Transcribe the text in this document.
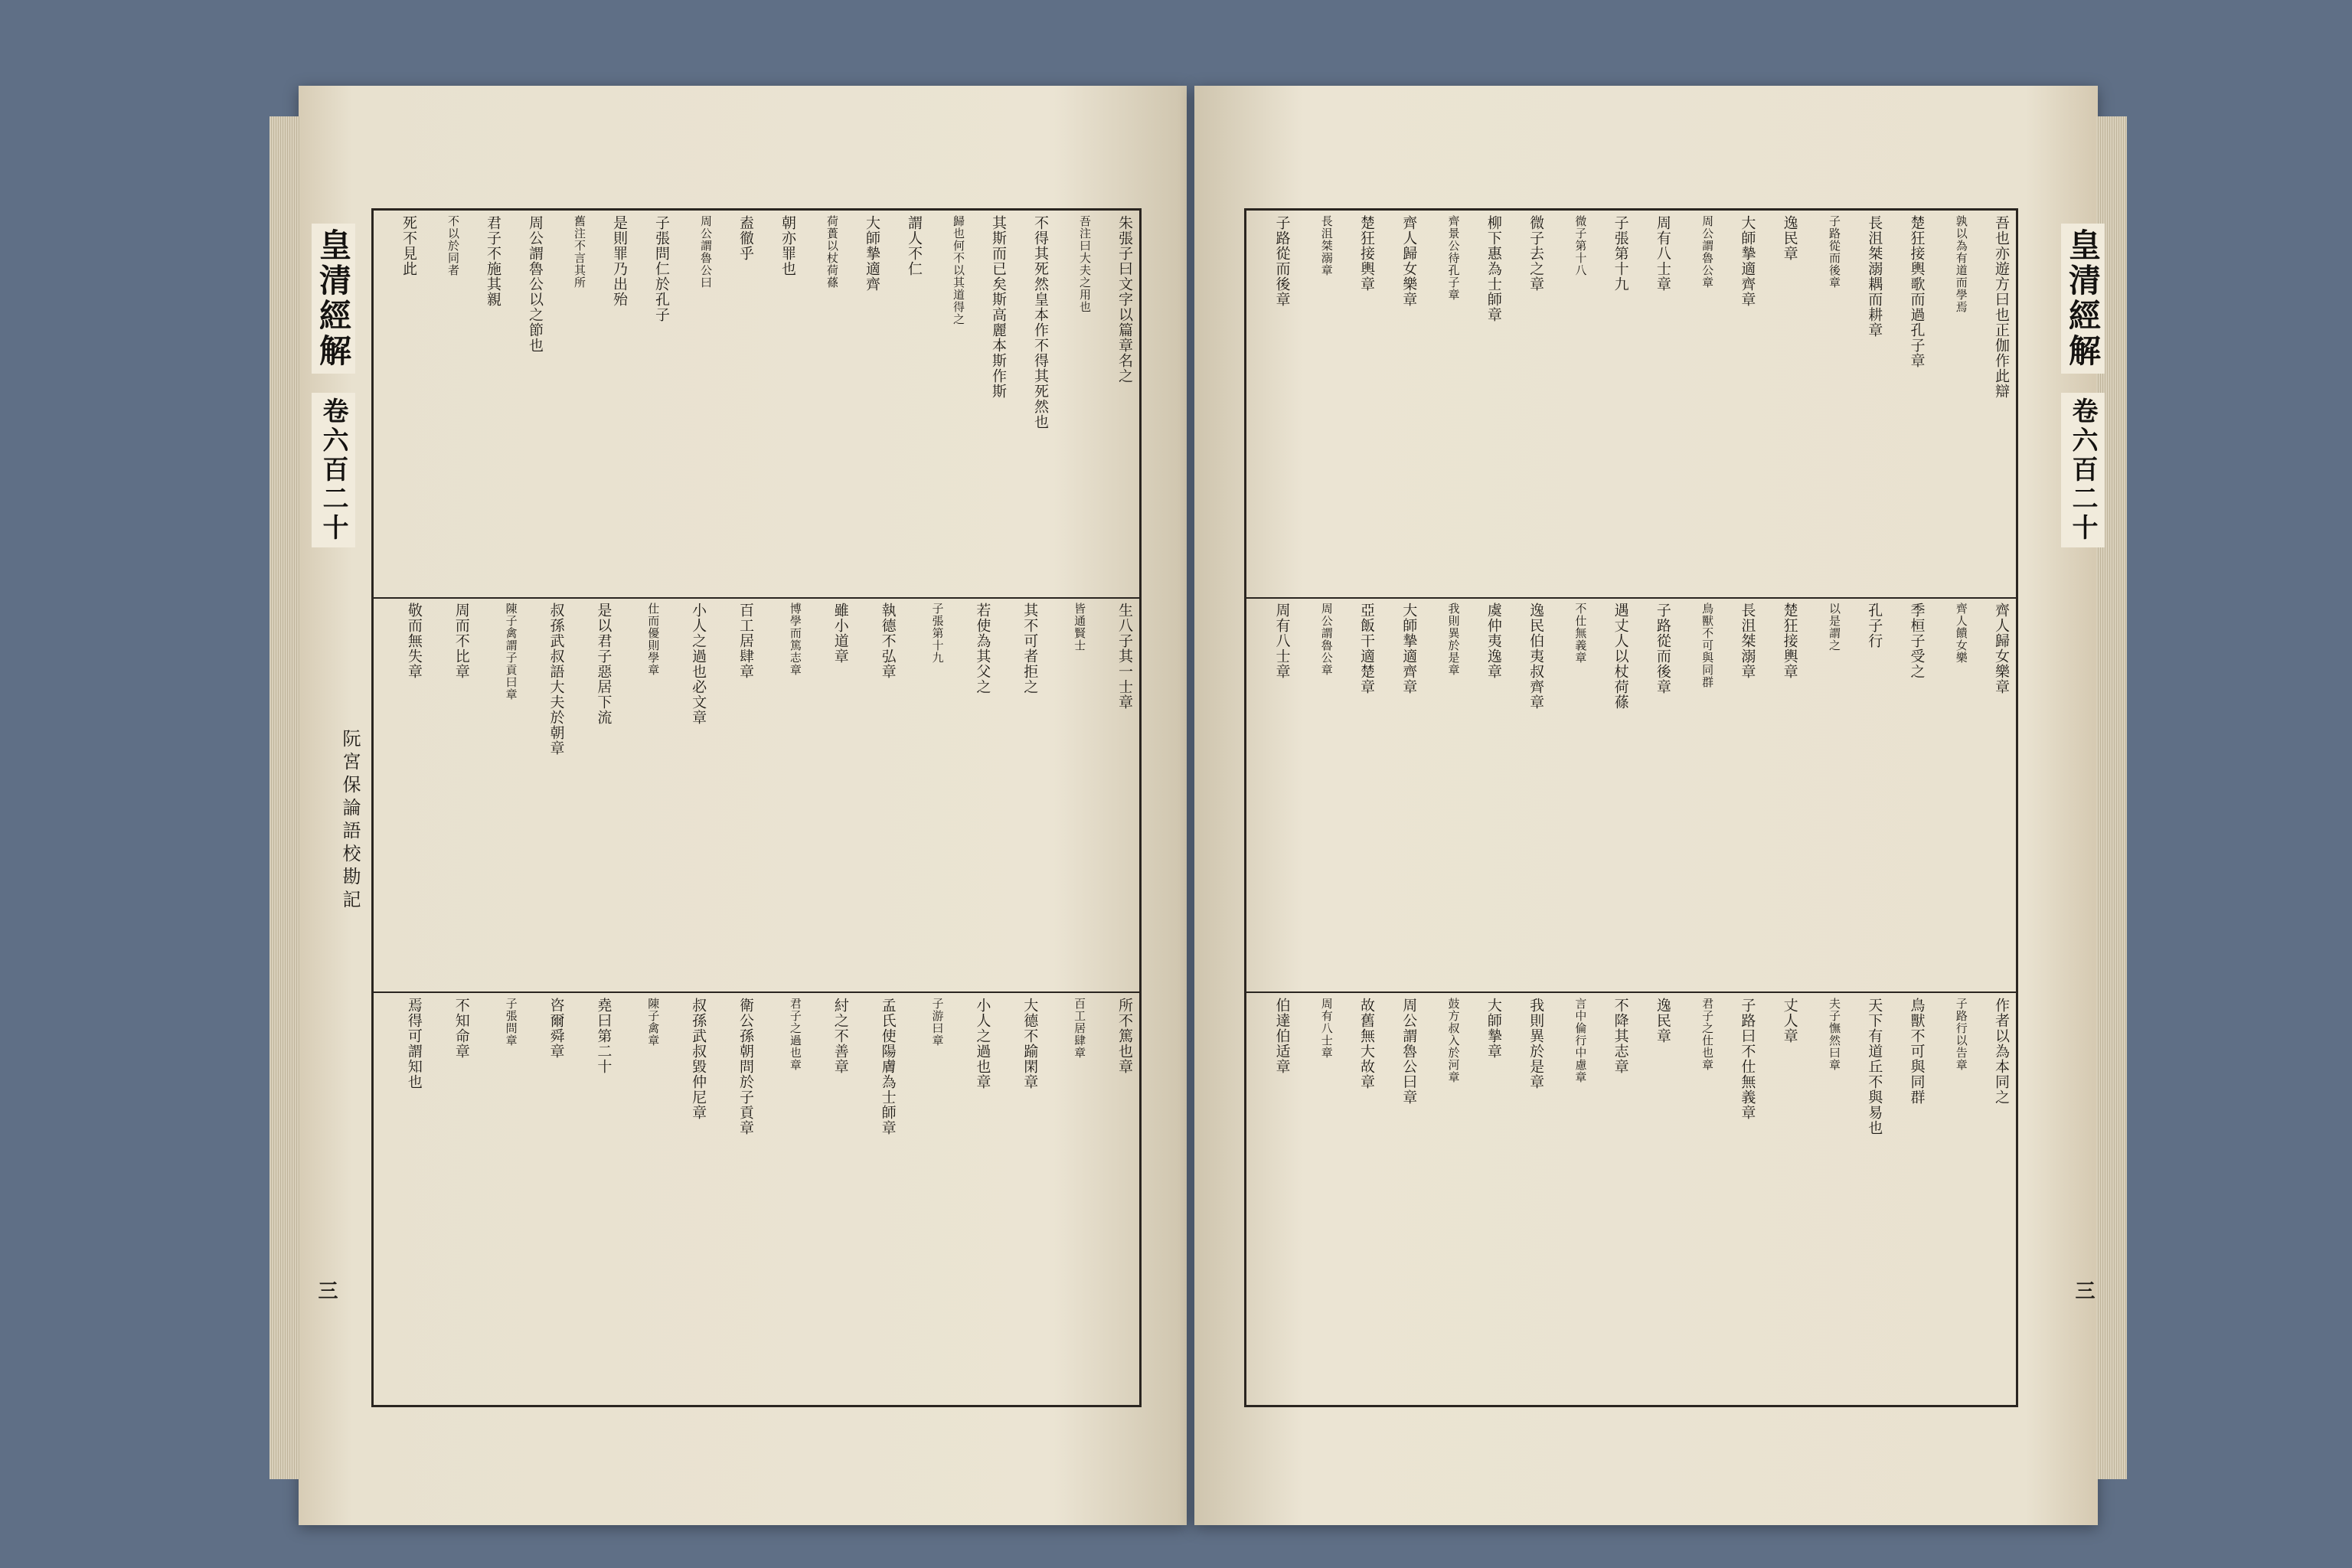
皇清經解 卷六百二十
三
阮宮保論語校勘記
朱張子曰文字以篇章名之
吾注曰大夫之用也
不得其死然皇本作不得其死然也
其斯而已矣斯高麗本斯作斯
歸也何不以其道得之
謂人不仁
大師摯適齊
荷蕢以杖荷蓧
朝亦罪也
盍徹乎
周公謂魯公曰
子張問仁於孔子
是則罪乃出殆
舊注不言其所
周公謂魯公以之節也
君子不施其親
不以於同者
死不見此
生八子其一士章
皆通賢士
其不可者拒之
若使為其父之
子張第十九
執德不弘章
雖小道章
博學而篤志章
百工居肆章
小人之過也必文章
仕而優則學章
是以君子惡居下流
叔孫武叔語大夫於朝章
陳子禽謂子貢曰章
周而不比章
敬而無失章
所不篤也章
百工居肆章
大德不踰閑章
小人之過也章
子游曰章
孟氏使陽膚為士師章
紂之不善章
君子之過也章
衛公孫朝問於子貢章
叔孫武叔毀仲尼章
陳子禽章
堯曰第二十
咨爾舜章
子張問章
不知命章
焉得可謂知也
皇清經解 卷六百二十
三
吾也亦遊方曰也正伽作此辯
孰以為有道而學焉
楚狂接輿歌而過孔子章
長沮桀溺耦而耕章
子路從而後章
逸民章
大師摯適齊章
周公謂魯公章
周有八士章
子張第十九
微子第十八
微子去之章
柳下惠為士師章
齊景公待孔子章
齊人歸女樂章
楚狂接輿章
長沮桀溺章
子路從而後章
齊人歸女樂章
齊人饋女樂
季桓子受之
孔子行
以是謂之
楚狂接輿章
長沮桀溺章
鳥獸不可與同群
子路從而後章
遇丈人以杖荷蓧
不仕無義章
逸民伯夷叔齊章
虞仲夷逸章
我則異於是章
大師摯適齊章
亞飯干適楚章
周公謂魯公章
周有八士章
作者以為本同之
子路行以告章
鳥獸不可與同群
天下有道丘不與易也
夫子憮然曰章
丈人章
子路曰不仕無義章
君子之仕也章
逸民章
不降其志章
言中倫行中慮章
我則異於是章
大師摯章
鼓方叔入於河章
周公謂魯公曰章
故舊無大故章
周有八士章
伯達伯适章
